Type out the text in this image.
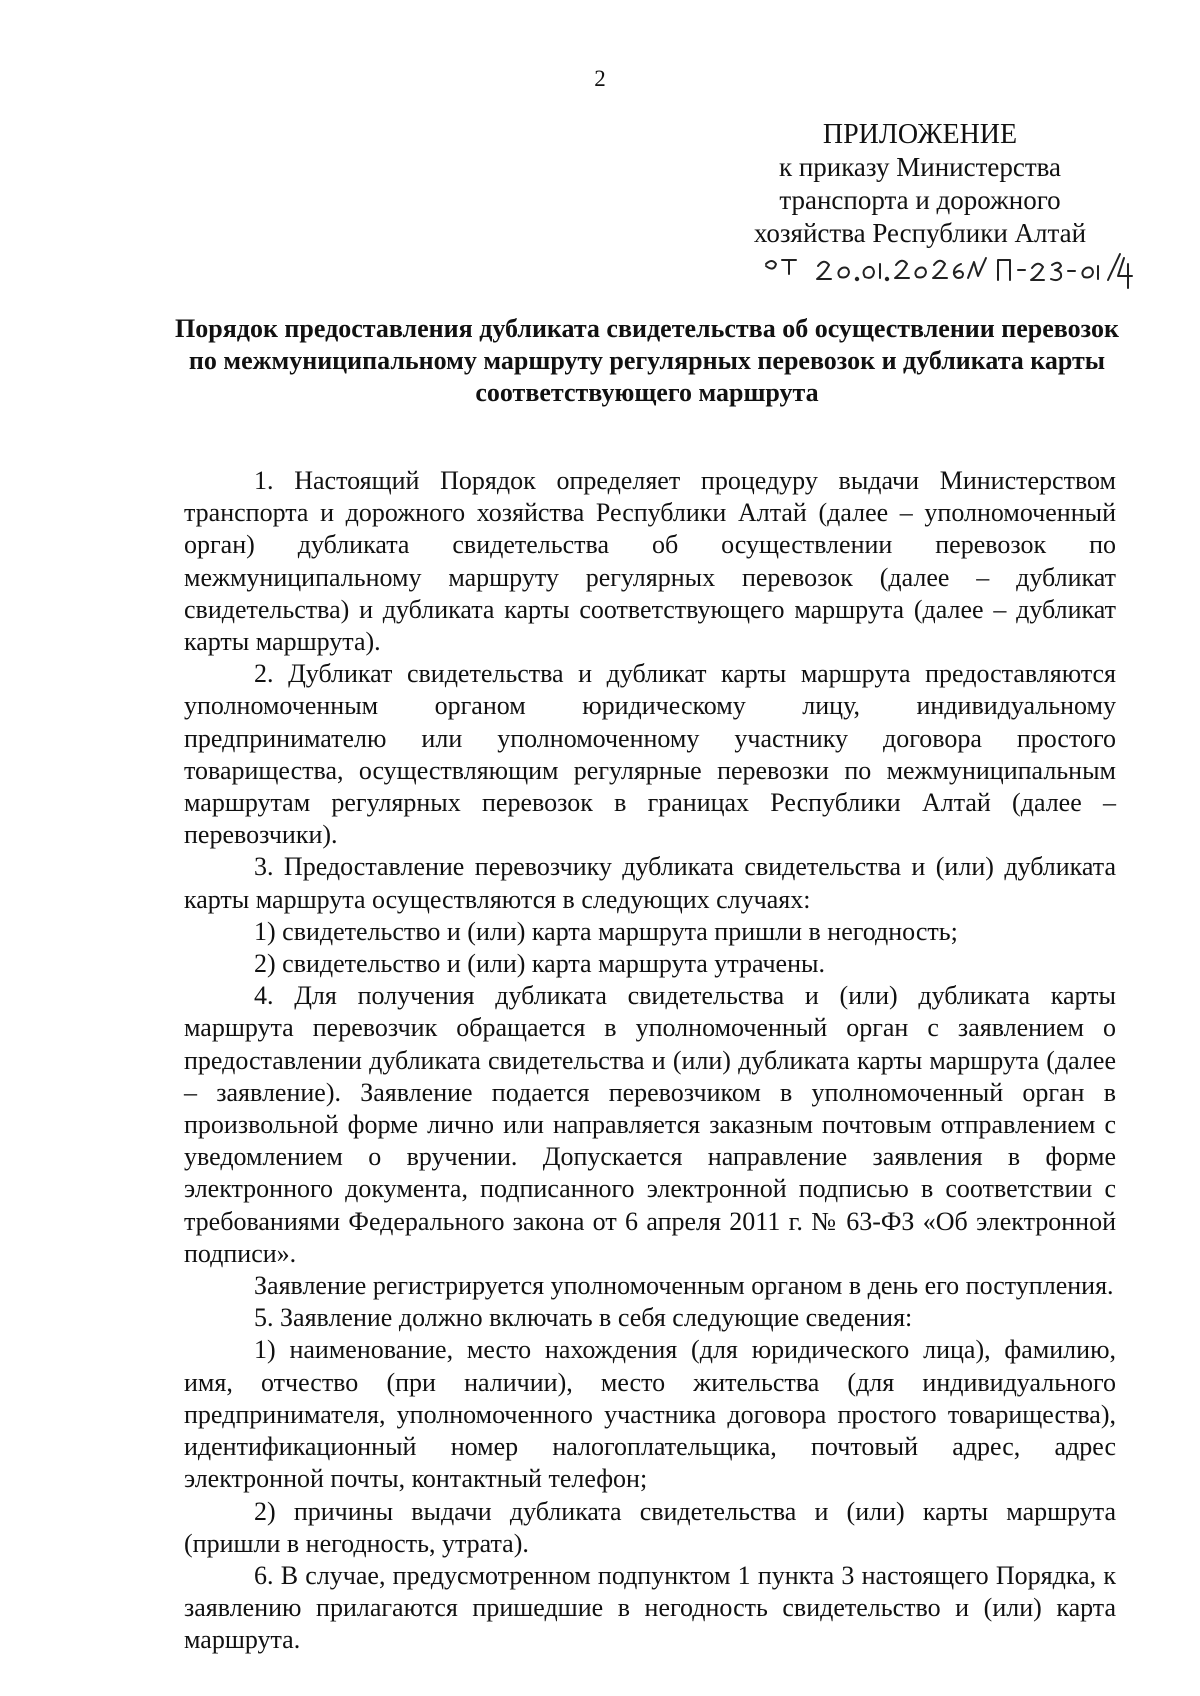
2
ПРИЛОЖЕНИЕ
к приказу Министерства
транспорта и дорожного
хозяйства Республики Алтай
Порядок предоставления дубликата свидетельства об осуществлении перевозок по межмуниципальному маршруту регулярных перевозок и дубликата карты соответствующего маршрута

1. Настоящий Порядок определяет процедуру выдачи Министерством транспорта и дорожного хозяйства Республики Алтай (далее – уполномоченный орган) дубликата свидетельства об осуществлении перевозок по межмуниципальному маршруту регулярных перевозок (далее – дубликат свидетельства) и дубликата карты соответствующего маршрута (далее – дубликат карты маршрута).

2. Дубликат свидетельства и дубликат карты маршрута предоставляются уполномоченным органом юридическому лицу, индивидуальному предпринимателю или уполномоченному участнику договора простого товарищества, осуществляющим регулярные перевозки по межмуниципальным маршрутам регулярных перевозок в границах Республики Алтай (далее – перевозчики).

3. Предоставление перевозчику дубликата свидетельства и (или) дубликата карты маршрута осуществляются в следующих случаях:

1) свидетельство и (или) карта маршрута пришли в негодность;

2) свидетельство и (или) карта маршрута утрачены.

4. Для получения дубликата свидетельства и (или) дубликата карты маршрута перевозчик обращается в уполномоченный орган с заявлением о предоставлении дубликата свидетельства и (или) дубликата карты маршрута (далее – заявление). Заявление подается перевозчиком в уполномоченный орган в произвольной форме лично или направляется заказным почтовым отправлением с уведомлением о вручении. Допускается направление заявления в форме электронного документа, подписанного электронной подписью в соответствии с требованиями Федерального закона от 6 апреля 2011 г. № 63-ФЗ «Об электронной подписи».

Заявление регистрируется уполномоченным органом в день его поступления.

5. Заявление должно включать в себя следующие сведения:

1) наименование, место нахождения (для юридического лица), фамилию, имя, отчество (при наличии), место жительства (для индивидуального предпринимателя, уполномоченного участника договора простого товарищества), идентификационный номер налогоплательщика, почтовый адрес, адрес электронной почты, контактный телефон;

2) причины выдачи дубликата свидетельства и (или) карты маршрута (пришли в негодность, утрата).

6. В случае, предусмотренном подпунктом 1 пункта 3 настоящего Порядка, к заявлению прилагаются пришедшие в негодность свидетельство и (или) карта маршрута.
